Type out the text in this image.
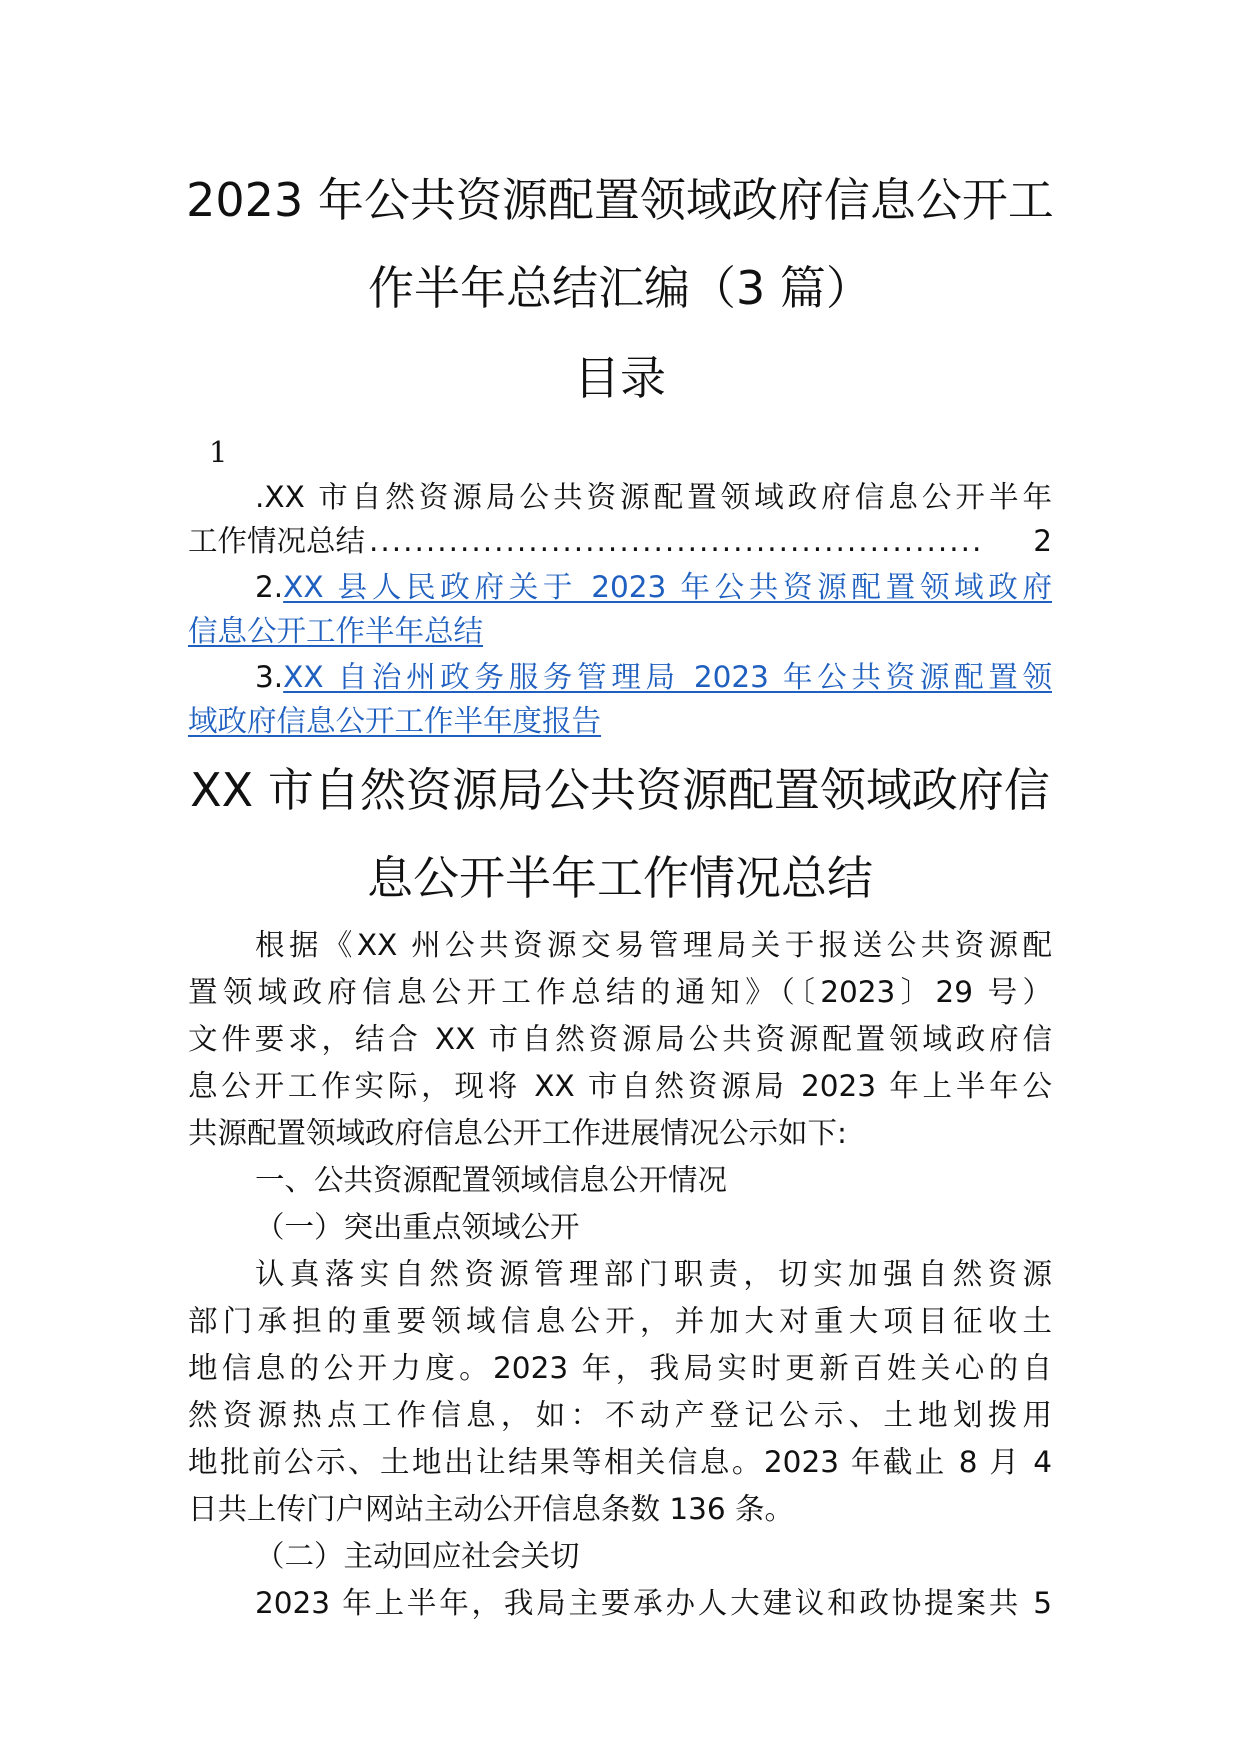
2023 年公共资源配置领域政府信息公开工
作半年总结汇编（3 篇）
目录
1
.XX 市自然资源局公共资源配置领域政府信息公开半年
工作情况总结 ......................................................	2
2.XX 县人民政府关于 2023 年公共资源配置领域政府
信息公开工作半年总结
3.XX 自治州政务服务管理局 2023 年公共资源配置领
域政府信息公开工作半年度报告
XX 市自然资源局公共资源配置领域政府信
息公开半年工作情况总结
根据《XX 州公共资源交易管理局关于报送公共资源配
置领域政府信息公开工作总结的通知》（〔2023〕29 号）
文件要求，结合 XX 市自然资源局公共资源配置领域政府信
息公开工作实际，现将 XX 市自然资源局 2023 年上半年公
共源配置领域政府信息公开工作进展情况公示如下:
一、公共资源配置领域信息公开情况
（一）突出重点领域公开
认真落实自然资源管理部门职责，切实加强自然资源
部门承担的重要领域信息公开，并加大对重大项目征收土
地信息的公开力度。2023 年，我局实时更新百姓关心的自
然资源热点工作信息，如：不动产登记公示、土地划拨用
地批前公示、土地出让结果等相关信息。2023 年截止 8 月 4
日共上传门户网站主动公开信息条数 136 条。
（二）主动回应社会关切
2023 年上半年，我局主要承办人大建议和政协提案共 5
